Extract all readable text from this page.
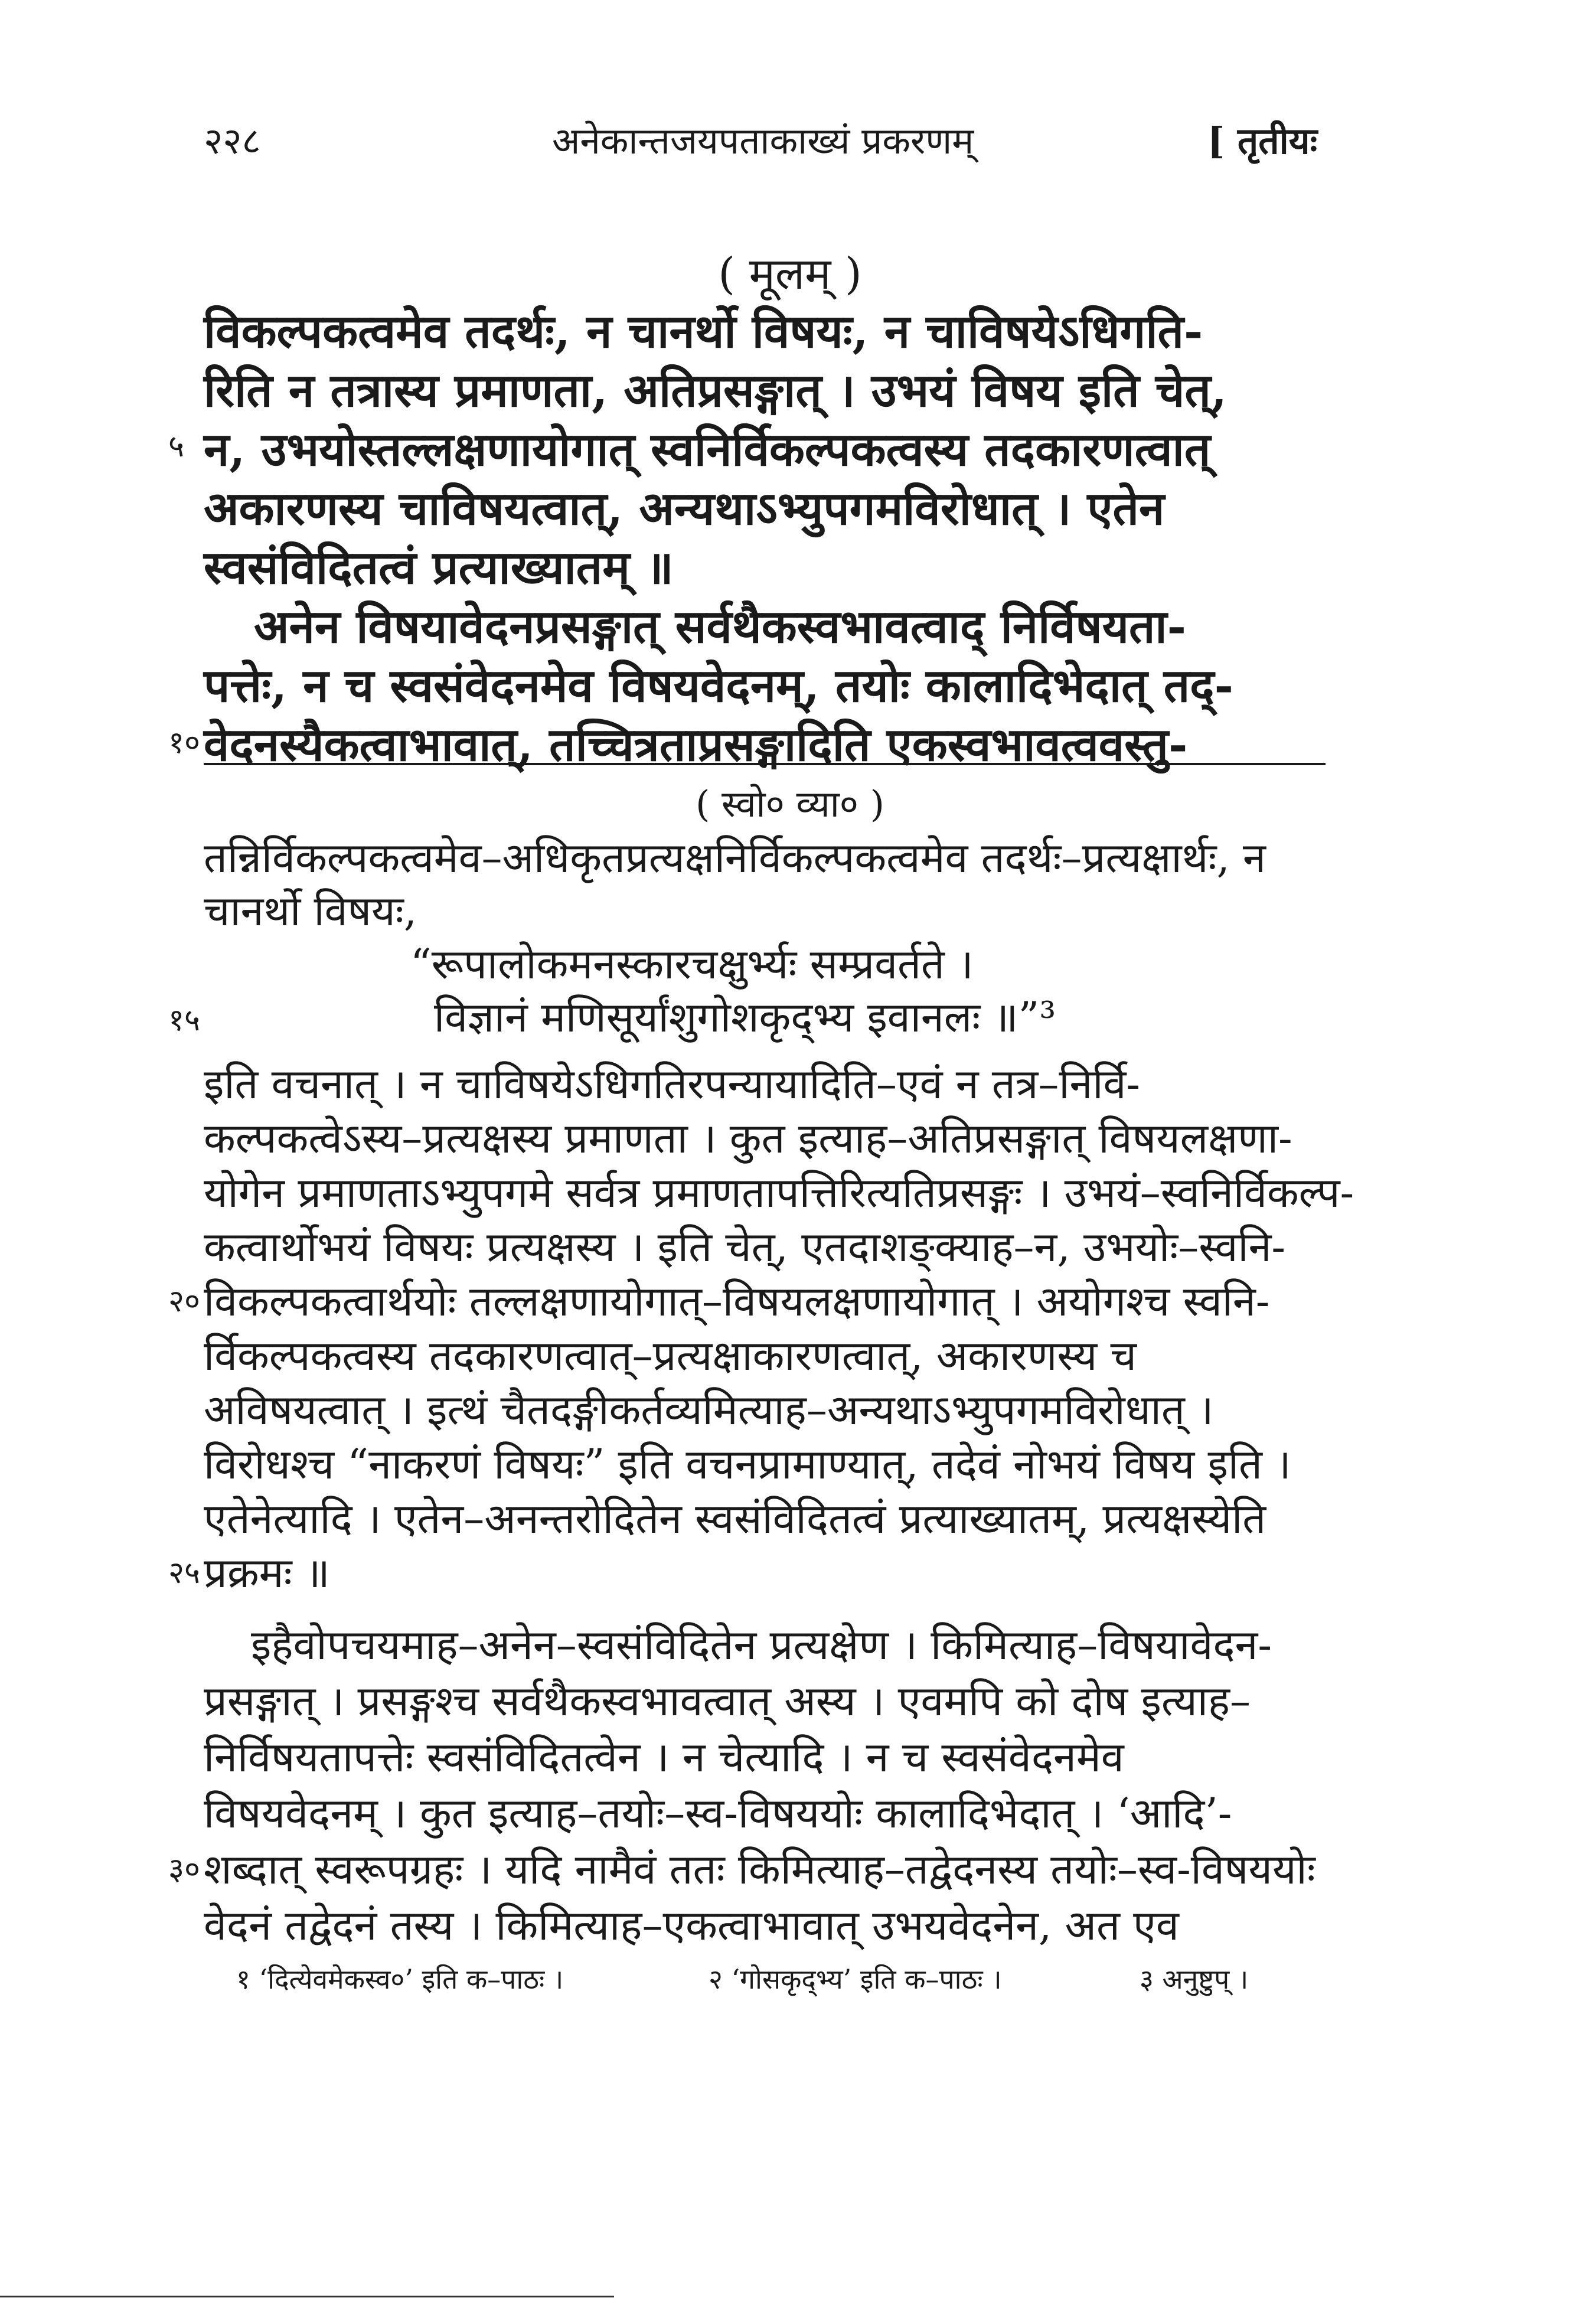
२२८	अनेकान्तजयपताकाख्यं प्रकरणम्	[ तृतीयः
( मूलम् )
विकल्पकत्वमेव तदर्थः, न चानर्थो विषयः, न चाविषयेऽधिगति-
रिति न तत्रास्य प्रमाणता, अतिप्रसङ्गात् । उभयं विषय इति चेत्,
न, उभयोस्तल्लक्षणायोगात् स्वनिर्विकल्पकत्वस्य तदकारणत्वात्
अकारणस्य चाविषयत्वात्, अन्यथाऽभ्युपगमविरोधात् । एतेन
स्वसंविदितत्वं प्रत्याख्यातम् ॥
अनेन विषयावेदनप्रसङ्गात् सर्वथैकस्वभावत्वाद् निर्विषयता-
पत्तेः, न च स्वसंवेदनमेव विषयवेदनम्, तयोः कालादिभेदात् तद्-
वेदनस्यैकत्वाभावात्, तच्चित्रताप्रसङ्गादिति एकस्वभावत्ववस्तु-
( स्वो० व्या० )
तन्निर्विकल्पकत्वमेव–अधिकृतप्रत्यक्षनिर्विकल्पकत्वमेव तदर्थः–प्रत्यक्षार्थः, न
चानर्थो विषयः,
“रूपालोकमनस्कारचक्षुर्भ्यः सम्प्रवर्तते ।
विज्ञानं मणिसूर्यांशुगोशकृद्भ्य इवानलः ॥”³
इति वचनात् । न चाविषयेऽधिगतिरपन्यायादिति–एवं न तत्र–निर्वि-
कल्पकत्वेऽस्य–प्रत्यक्षस्य प्रमाणता । कुत इत्याह–अतिप्रसङ्गात् विषयलक्षणा-
योगेन प्रमाणताऽभ्युपगमे सर्वत्र प्रमाणतापत्तिरित्यतिप्रसङ्गः । उभयं–स्वनिर्विकल्प-
कत्वार्थोभयं विषयः प्रत्यक्षस्य । इति चेत्, एतदाशङ्क्याह–न, उभयोः–स्वनि-
विकल्पकत्वार्थयोः तल्लक्षणायोगात्–विषयलक्षणायोगात् । अयोगश्च स्वनि-
र्विकल्पकत्वस्य तदकारणत्वात्–प्रत्यक्षाकारणत्वात्, अकारणस्य च
अविषयत्वात् । इत्थं चैतदङ्गीकर्तव्यमित्याह–अन्यथाऽभ्युपगमविरोधात् ।
विरोधश्च “नाकरणं विषयः” इति वचनप्रामाण्यात्, तदेवं नोभयं विषय इति ।
एतेनेत्यादि । एतेन–अनन्तरोदितेन स्वसंविदितत्वं प्रत्याख्यातम्, प्रत्यक्षस्येति
प्रक्रमः ॥
इहैवोपचयमाह–अनेन–स्वसंविदितेन प्रत्यक्षेण । किमित्याह–विषयावेदन-
प्रसङ्गात् । प्रसङ्गश्च सर्वथैकस्वभावत्वात् अस्य । एवमपि को दोष इत्याह–
निर्विषयतापत्तेः स्वसंविदितत्वेन । न चेत्यादि । न च स्वसंवेदनमेव
विषयवेदनम् । कुत इत्याह–तयोः–स्व-विषययोः कालादिभेदात् । ‘आदि’-
शब्दात् स्वरूपग्रहः । यदि नामैवं ततः किमित्याह–तद्वेदनस्य तयोः–स्व-विषययोः
वेदनं तद्वेदनं तस्य । किमित्याह–एकत्वाभावात् उभयवेदनेन, अत एव
५
१०
१५
२०
२५
३०
१ ‘दित्येवमेकस्व०’ इति क–पाठः ।	२ ‘गोसकृद्भ्य’ इति क–पाठः ।	३ अनुष्टुप् ।
